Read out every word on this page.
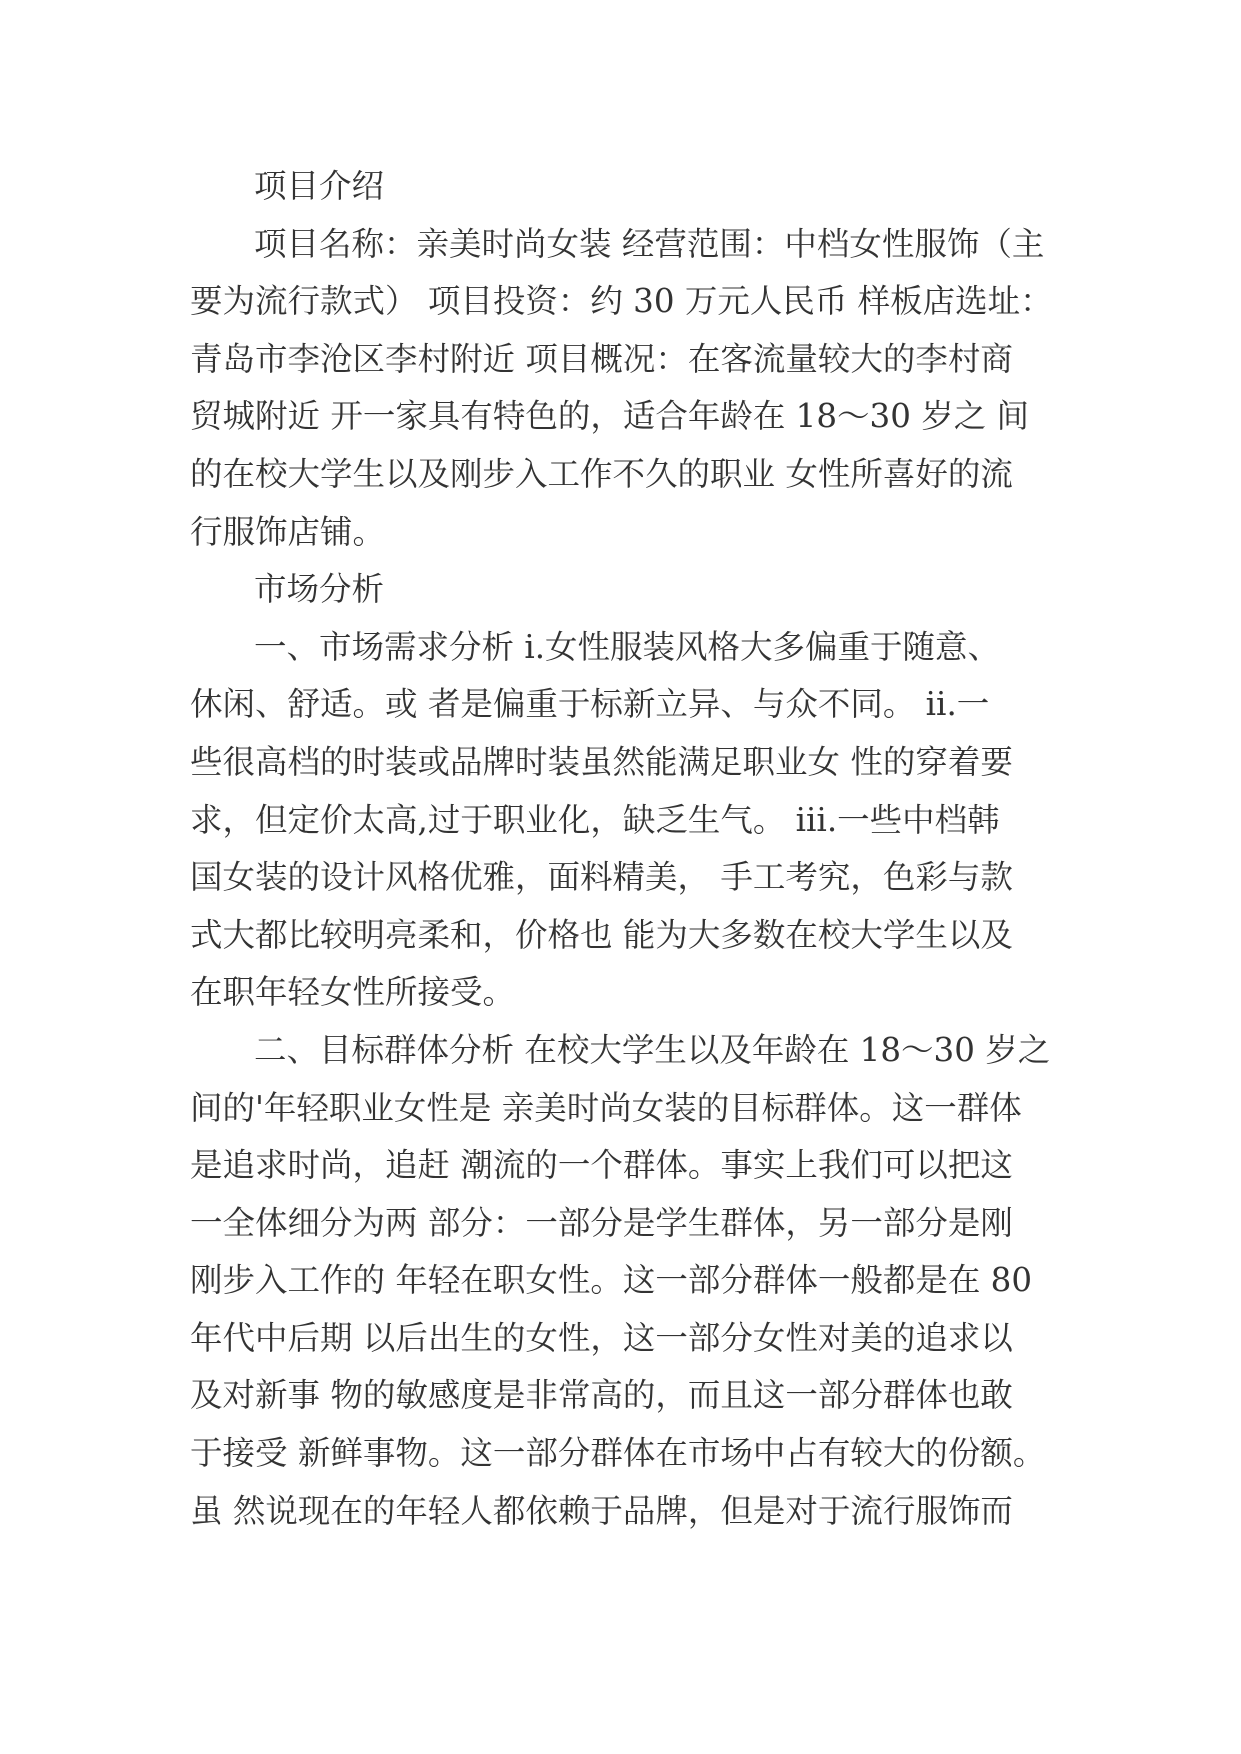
项目介绍
项目名称：亲美时尚女装 经营范围：中档女性服饰（主
要为流行款式） 项目投资：约 30 万元人民币 样板店选址：
青岛市李沧区李村附近 项目概况：在客流量较大的李村商
贸城附近 开一家具有特色的，适合年龄在 18～30 岁之 间
的在校大学生以及刚步入工作不久的职业 女性所喜好的流
行服饰店铺。
市场分析
一、市场需求分析 ⅰ.女性服装风格大多偏重于随意、
休闲、舒适。或 者是偏重于标新立异、与众不同。 ⅱ.一
些很高档的时装或品牌时装虽然能满足职业女 性的穿着要
求，但定价太高,过于职业化，缺乏生气。 ⅲ.一些中档韩
国女装的设计风格优雅，面料精美， 手工考究，色彩与款
式大都比较明亮柔和，价格也 能为大多数在校大学生以及
在职年轻女性所接受。
二、目标群体分析 在校大学生以及年龄在 18～30 岁之
间的'年轻职业女性是 亲美时尚女装的目标群体。这一群体
是追求时尚，追赶 潮流的一个群体。事实上我们可以把这
一全体细分为两 部分：一部分是学生群体，另一部分是刚
刚步入工作的 年轻在职女性。这一部分群体一般都是在 80
年代中后期 以后出生的女性，这一部分女性对美的追求以
及对新事 物的敏感度是非常高的，而且这一部分群体也敢
于接受 新鲜事物。这一部分群体在市场中占有较大的份额。
虽 然说现在的年轻人都依赖于品牌，但是对于流行服饰而
